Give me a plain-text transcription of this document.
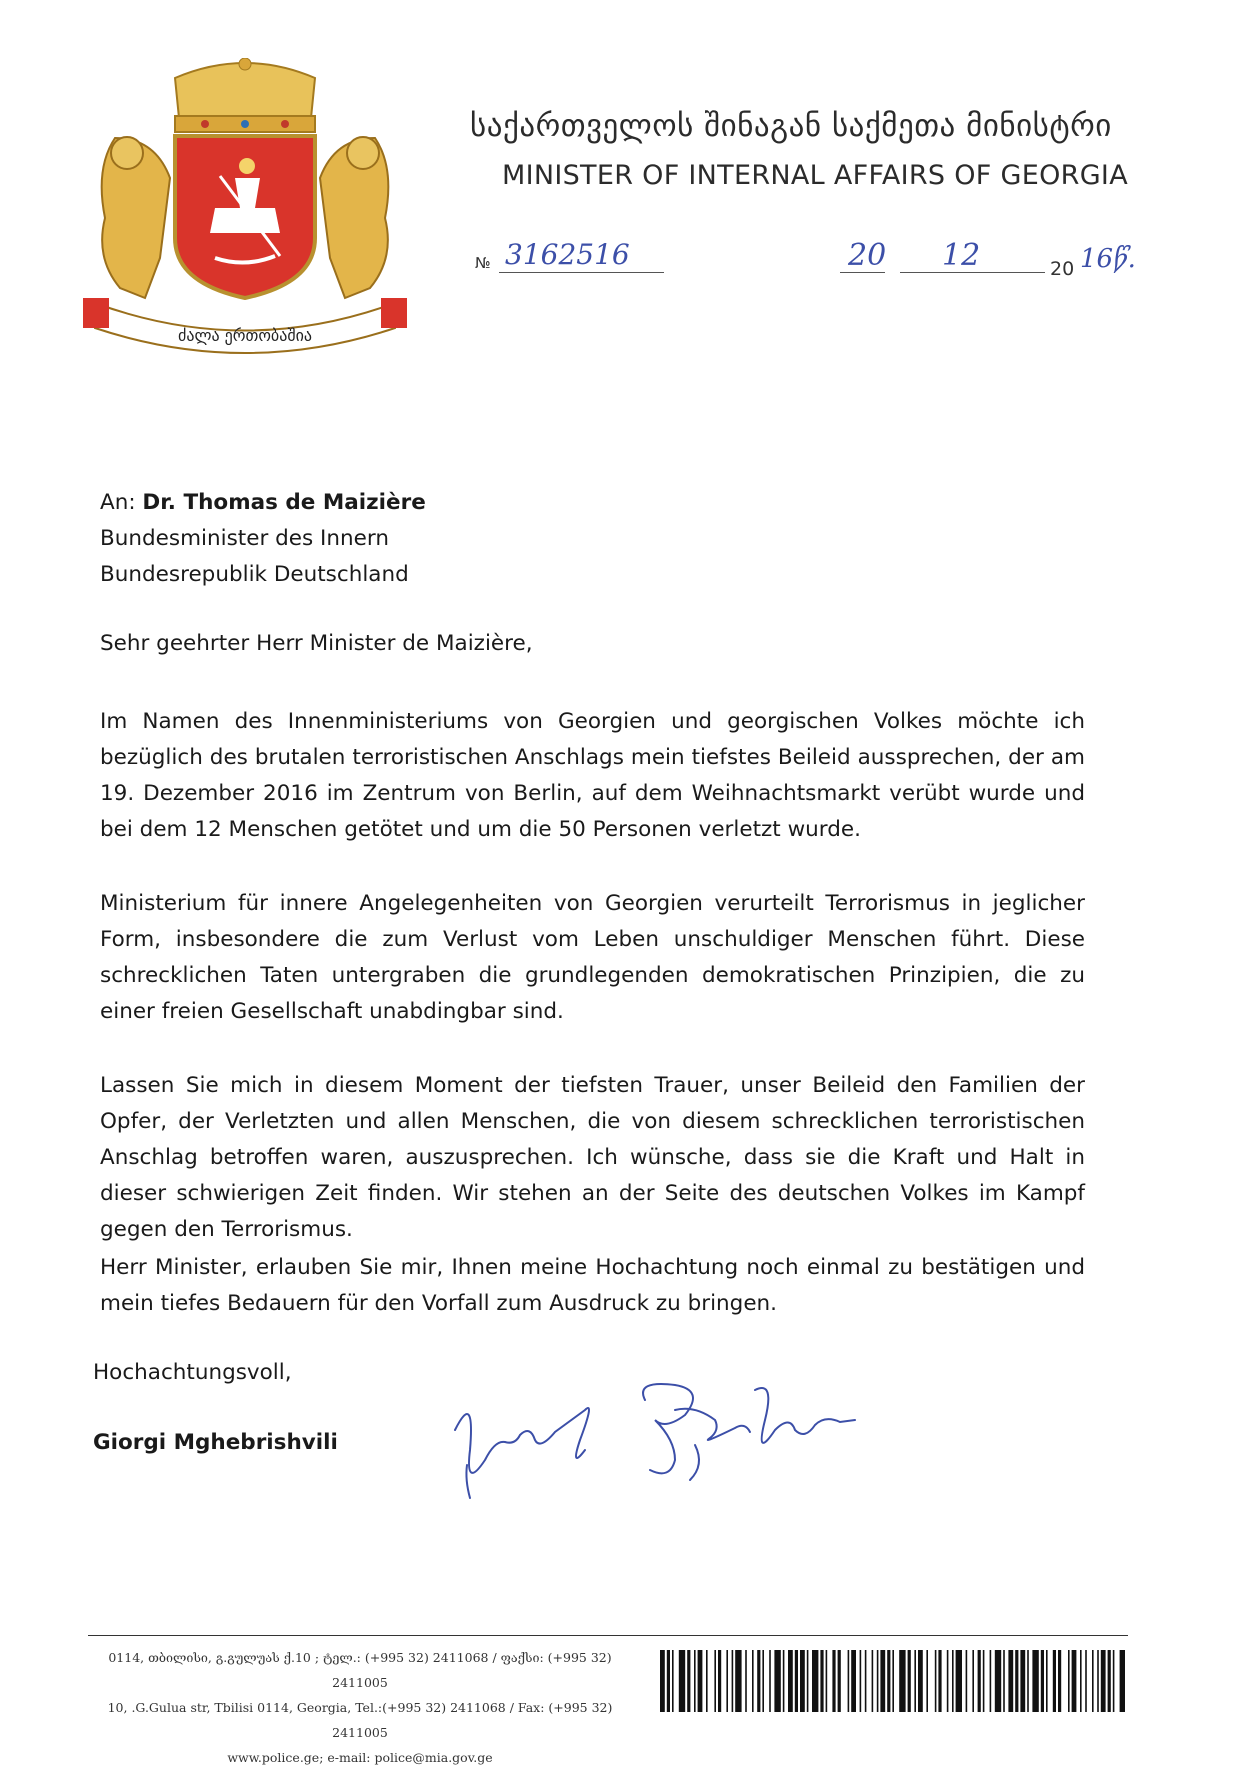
ძალა ერთობაშია
საქართველოს შინაგან საქმეთა მინისტრი
MINISTER OF INTERNAL AFFAIRS OF GEORGIA
№ 3162516	20 12	20 16წ.
An: Dr. Thomas de Maizière
Bundesminister des Innern
Bundesrepublik Deutschland
Sehr geehrter Herr Minister de Maizière,
Im Namen des Innenministeriums von Georgien und georgischen Volkes möchte ich bezüglich des brutalen terroristischen Anschlags mein tiefstes Beileid aussprechen, der am 19. Dezember 2016 im Zentrum von Berlin, auf dem Weihnachtsmarkt verübt wurde und bei dem 12 Menschen getötet und um die 50 Personen verletzt wurde.
Ministerium für innere Angelegenheiten von Georgien verurteilt Terrorismus in jeglicher Form, insbesondere die zum Verlust vom Leben unschuldiger Menschen führt. Diese schrecklichen Taten untergraben die grundlegenden demokratischen Prinzipien, die zu einer freien Gesellschaft unabdingbar sind.
Lassen Sie mich in diesem Moment der tiefsten Trauer, unser Beileid den Familien der Opfer, der Verletzten und allen Menschen, die von diesem schrecklichen terroristischen Anschlag betroffen waren, auszusprechen. Ich wünsche, dass sie die Kraft und Halt in dieser schwierigen Zeit finden. Wir stehen an der Seite des deutschen Volkes im Kampf gegen den Terrorismus.
Herr Minister, erlauben Sie mir, Ihnen meine Hochachtung noch einmal zu bestätigen und mein tiefes Bedauern für den Vorfall zum Ausdruck zu bringen.
Hochachtungsvoll,
Giorgi Mghebrishvili
0114, თბილისი, გ.გულუას ქ.10 ; ტელ.: (+995 32) 2411068 / ფაქსი: (+995 32) 2411005
10, .G.Gulua str, Tbilisi 0114, Georgia, Tel.:(+995 32) 2411068 / Fax: (+995 32) 2411005
www.police.ge; e-mail: police@mia.gov.ge
